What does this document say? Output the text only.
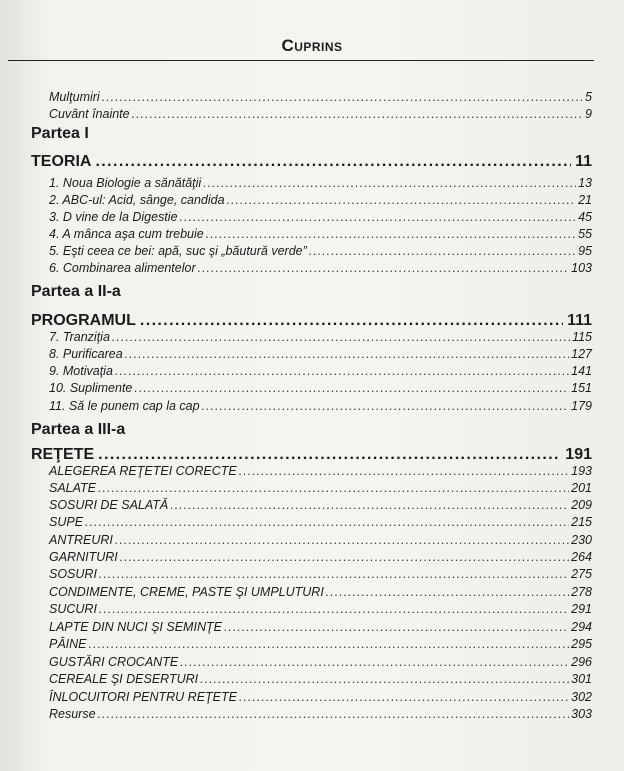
Cuprins
Mulţumiri .....	5
Cuvânt înainte .....	9
Partea I
TEORIA .....	11
1. Noua Biologie a sănătăţii .....	13
2. ABC-ul: Acid, sânge, candida .....	21
3. D vine de la Digestie .....	45
4. A mânca aşa cum trebuie .....	55
5. Eşti ceea ce bei: apă, suc şi „băutură verde” .....	95
6. Combinarea alimentelor .....	103
Partea a II-a
PROGRAMUL .....	111
7. Tranziţia .....	115
8. Purificarea .....	127
9. Motivaţia .....	141
10. Suplimente .....	151
11. Să le punem cap la cap .....	179
Partea a III-a
REŢETE .....	191
ALEGEREA REŢETEI CORECTE .....	193
SALATE .....	201
SOSURI DE SALATĂ .....	209
SUPE .....	215
ANTREURI .....	230
GARNITURI .....	264
SOSURI .....	275
CONDIMENTE, CREME, PASTE ŞI UMPLUTURI .....	278
SUCURI .....	291
LAPTE DIN NUCI ŞI SEMINŢE .....	294
PÂINE .....	295
GUSTĂRI CROCANTE .....	296
CEREALE ŞI DESERTURI .....	301
ÎNLOCUITORI PENTRU REŢETE .....	302
Resurse .....	303
